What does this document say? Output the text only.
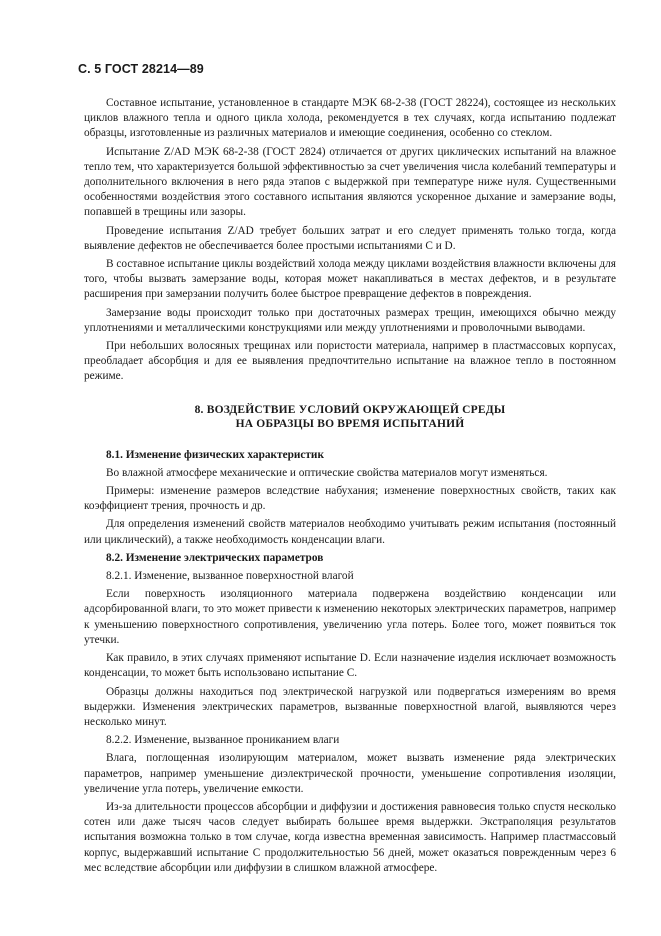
С. 5 ГОСТ 28214—89

Составное испытание, установленное в стандарте МЭК 68-2-38 (ГОСТ 28224), состоящее из нескольких циклов влажного тепла и одного цикла холода, рекомендуется в тех случаях, когда испытанию подлежат образцы, изготовленные из различных материалов и имеющие соединения, особенно со стеклом.

Испытание Z/AD МЭК 68-2-38 (ГОСТ 2824) отличается от других циклических испытаний на влажное тепло тем, что характеризуется большой эффективностью за счет увеличения числа колебаний температуры и дополнительного включения в него ряда этапов с выдержкой при температуре ниже нуля. Существенными особенностями воздействия этого составного испытания являются ускоренное дыхание и замерзание воды, попавшей в трещины или зазоры.

Проведение испытания Z/AD требует больших затрат и его следует применять только тогда, когда выявление дефектов не обеспечивается более простыми испытаниями С и D.

В составное испытание циклы воздействий холода между циклами воздействия влажности включены для того, чтобы вызвать замерзание воды, которая может накапливаться в местах дефектов, и в результате расширения при замерзании получить более быстрое превращение дефектов в повреждения.

Замерзание воды происходит только при достаточных размерах трещин, имеющихся обычно между уплотнениями и металлическими конструкциями или между уплотнениями и проволочными выводами.

При небольших волосяных трещинах или пористости материала, например в пластмассовых корпусах, преобладает абсорбция и для ее выявления предпочтительно испытание на влажное тепло в постоянном режиме.

8. ВОЗДЕЙСТВИЕ УСЛОВИЙ ОКРУЖАЮЩЕЙ СРЕДЫ
НА ОБРАЗЦЫ ВО ВРЕМЯ ИСПЫТАНИЙ

8.1. Изменение физических характеристик

Во влажной атмосфере механические и оптические свойства материалов могут изменяться.

Примеры: изменение размеров вследствие набухания; изменение поверхностных свойств, таких как коэффициент трения, прочность и др.

Для определения изменений свойств материалов необходимо учитывать режим испытания (постоянный или циклический), а также необходимость конденсации влаги.

8.2. Изменение электрических параметров

8.2.1. Изменение, вызванное поверхностной влагой

Если поверхность изоляционного материала подвержена воздействию конденсации или адсорбированной влаги, то это может привести к изменению некоторых электрических параметров, например к уменьшению поверхностного сопротивления, увеличению угла потерь. Более того, может появиться ток утечки.

Как правило, в этих случаях применяют испытание D. Если назначение изделия исключает возможность конденсации, то может быть использовано испытание С.

Образцы должны находиться под электрической нагрузкой или подвергаться измерениям во время выдержки. Изменения электрических параметров, вызванные поверхностной влагой, выявляются через несколько минут.

8.2.2. Изменение, вызванное прониканием влаги

Влага, поглощенная изолирующим материалом, может вызвать изменение ряда электрических параметров, например уменьшение диэлектрической прочности, уменьшение сопротивления изоляции, увеличение угла потерь, увеличение емкости.

Из-за длительности процессов абсорбции и диффузии и достижения равновесия только спустя несколько сотен или даже тысяч часов следует выбирать большее время выдержки. Экстраполяция результатов испытания возможна только в том случае, когда известна временная зависимость. Например пластмассовый корпус, выдержавший испытание С продолжительностью 56 дней, может оказаться поврежденным через 6 мес вследствие абсорбции или диффузии в слишком влажной атмосфере.
